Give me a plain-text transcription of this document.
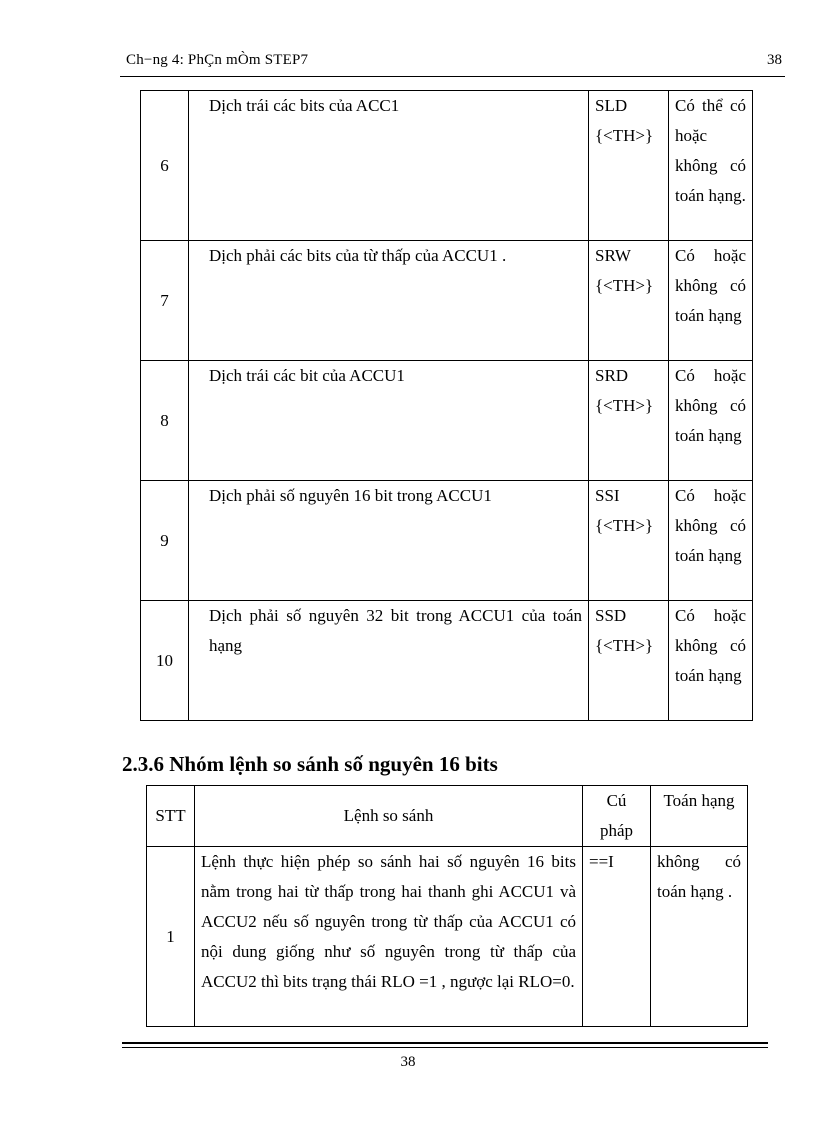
Ch−ng 4: PhÇn mÒm STEP7	38
6	Dịch trái các bits của ACC1	SLD {<TH>}	Có thể có hoặc không có toán hạng.
7	Dịch phải các bits của từ thấp của ACCU1 .	SRW {<TH>}	Có hoặc không có toán hạng
8	Dịch trái các bit của ACCU1	SRD {<TH>}	Có hoặc không có toán hạng
9	Dịch phải số nguyên 16 bit trong ACCU1	SSI {<TH>}	Có hoặc không có toán hạng
10	Dịch phải số nguyên 32 bit trong ACCU1 của toán hạng	SSD {<TH>}	Có hoặc không có toán hạng
2.3.6 Nhóm lệnh so sánh số nguyên 16 bits
STT	Lệnh so sánh	Cú pháp	Toán hạng
1	Lệnh thực hiện phép so sánh hai số nguyên 16 bits nằm trong hai từ thấp trong hai thanh ghi ACCU1 và ACCU2 nếu số nguyên trong từ thấp của ACCU1 có nội dung giống như số nguyên trong từ thấp của ACCU2 thì bits trạng thái RLO =1 , ngược lại RLO=0.	==I	không có toán hạng .
38
